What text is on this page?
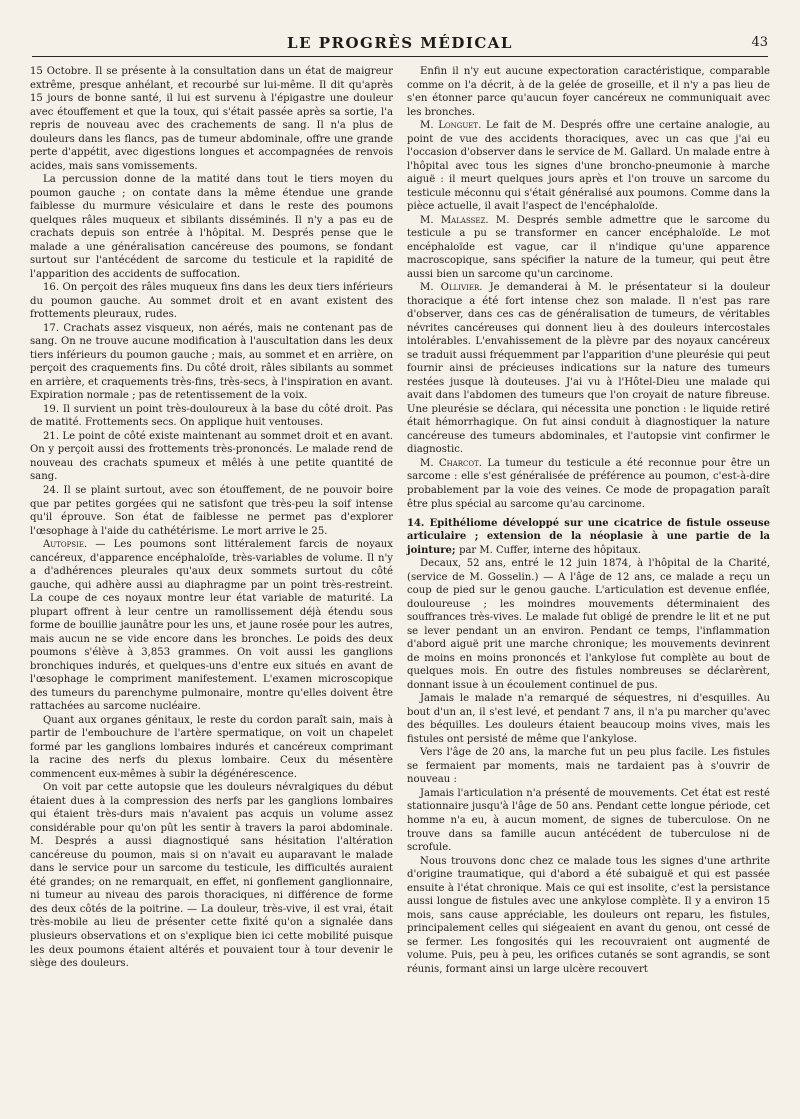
LE PROGRÈS MÉDICAL	43

15 Octobre. Il se présente à la consultation dans un état de maigreur extrême, presque anhélant, et recourbé sur lui-même. Il dit qu'après 15 jours de bonne santé, il lui est survenu à l'épigastre une douleur avec étouffement et que la toux, qui s'était passée après sa sortie, l'a repris de nouveau avec des crachements de sang. Il n'a plus de douleurs dans les flancs, pas de tumeur abdominale, offre une grande perte d'appétit, avec digestions longues et accompagnées de renvois acides, mais sans vomissements.

La percussion donne de la matité dans tout le tiers moyen du poumon gauche ; on contate dans la même étendue une grande faiblesse du murmure vésiculaire et dans le reste des poumons quelques râles muqueux et sibilants disséminés. Il n'y a pas eu de crachats depuis son entrée à l'hôpital. M. Després pense que le malade a une généralisation cancéreuse des poumons, se fondant surtout sur l'antécédent de sarcome du testicule et la rapidité de l'apparition des accidents de suffocation.

16. On perçoit des râles muqueux fins dans les deux tiers inférieurs du poumon gauche. Au sommet droit et en avant existent des frottements pleuraux, rudes.

17. Crachats assez visqueux, non aérés, mais ne contenant pas de sang. On ne trouve aucune modification à l'auscultation dans les deux tiers inférieurs du poumon gauche ; mais, au sommet et en arrière, on perçoit des craquements fins. Du côté droit, râles sibilants au sommet en arrière, et craquements très-fins, très-secs, à l'inspiration en avant. Expiration normale ; pas de retentissement de la voix.

19. Il survient un point très-douloureux à la base du côté droit. Pas de matité. Frottements secs. On applique huit ventouses.

21. Le point de côté existe maintenant au sommet droit et en avant. On y perçoit aussi des frottements très-prononcés. Le malade rend de nouveau des crachats spumeux et mêlés à une petite quantité de sang.

24. Il se plaint surtout, avec son étouffement, de ne pouvoir boire que par petites gorgées qui ne satisfont que très-peu la soif intense qu'il éprouve. Son état de faiblesse ne permet pas d'explorer l'œsophage à l'aide du cathétérisme. Le mort arrive le 25.

Autopsie. — Les poumons sont littéralement farcis de noyaux cancéreux, d'apparence encéphaloïde, très-variables de volume. Il n'y a d'adhérences pleurales qu'aux deux sommets surtout du côté gauche, qui adhère aussi au diaphragme par un point très-restreint. La coupe de ces noyaux montre leur état variable de maturité. La plupart offrent à leur centre un ramollissement déjà étendu sous forme de bouillie jaunâtre pour les uns, et jaune rosée pour les autres, mais aucun ne se vide encore dans les bronches. Le poids des deux poumons s'élève à 3,853 grammes. On voit aussi les ganglions bronchiques indurés, et quelques-uns d'entre eux situés en avant de l'œsophage le compriment manifestement. L'examen microscopique des tumeurs du parenchyme pulmonaire, montre qu'elles doivent être rattachées au sarcome nucléaire.

Quant aux organes génitaux, le reste du cordon paraît sain, mais à partir de l'embouchure de l'artère spermatique, on voit un chapelet formé par les ganglions lombaires indurés et cancéreux comprimant la racine des nerfs du plexus lombaire. Ceux du mésentère commencent eux-mêmes à subir la dégénérescence.

On voit par cette autopsie que les douleurs névralgiques du début étaient dues à la compression des nerfs par les ganglions lombaires qui étaient très-durs mais n'avaient pas acquis un volume assez considérable pour qu'on pût les sentir à travers la paroi abdominale. M. Després a aussi diagnostiqué sans hésitation l'altération cancéreuse du poumon, mais si on n'avait eu auparavant le malade dans le service pour un sarcome du testicule, les difficultés auraient été grandes; on ne remarquait, en effet, ni gonflement ganglionnaire, ni tumeur au niveau des parois thoraciques, ni différence de forme des deux côtés de la poitrine. — La douleur, très-vive, il est vrai, était très-mobile au lieu de présenter cette fixité qu'on a signalée dans plusieurs observations et on s'explique bien ici cette mobilité puisque les deux poumons étaient altérés et pouvaient tour à tour devenir le siège des douleurs.

Enfin il n'y eut aucune expectoration caractéristique, comparable comme on l'a décrit, à de la gelée de groseille, et il n'y a pas lieu de s'en étonner parce qu'aucun foyer cancéreux ne communiquait avec les bronches.

M. Longuet. Le fait de M. Després offre une certaine analogie, au point de vue des accidents thoraciques, avec un cas que j'ai eu l'occasion d'observer dans le service de M. Gallard. Un malade entre à l'hôpital avec tous les signes d'une broncho-pneumonie à marche aiguë : il meurt quelques jours après et l'on trouve un sarcome du testicule méconnu qui s'était généralisé aux poumons. Comme dans la pièce actuelle, il avait l'aspect de l'encéphaloïde.

M. Malassez. M. Després semble admettre que le sarcome du testicule a pu se transformer en cancer encéphaloïde. Le mot encéphaloïde est vague, car il n'indique qu'une apparence macroscopique, sans spécifier la nature de la tumeur, qui peut être aussi bien un sarcome qu'un carcinome.

M. Ollivier. Je demanderai à M. le présentateur si la douleur thoracique a été fort intense chez son malade. Il n'est pas rare d'observer, dans ces cas de généralisation de tumeurs, de véritables névrites cancéreuses qui donnent lieu à des douleurs intercostales intolérables. L'envahissement de la plèvre par des noyaux cancéreux se traduit aussi fréquemment par l'apparition d'une pleurésie qui peut fournir ainsi de précieuses indications sur la nature des tumeurs restées jusque là douteuses. J'ai vu à l'Hôtel-Dieu une malade qui avait dans l'abdomen des tumeurs que l'on croyait de nature fibreuse. Une pleurésie se déclara, qui nécessita une ponction : le liquide retiré était hémorrhagique. On fut ainsi conduit à diagnostiquer la nature cancéreuse des tumeurs abdominales, et l'autopsie vint confirmer le diagnostic.

M. Charcot. La tumeur du testicule a été reconnue pour être un sarcome : elle s'est généralisée de préférence au poumon, c'est-à-dire probablement par la voie des veines. Ce mode de propagation paraît être plus spécial au sarcome qu'au carcinome.

14. Epithéliome développé sur une cicatrice de fistule osseuse articulaire ; extension de la néoplasie à une partie de la jointure; par M. Cuffer, interne des hôpitaux.

Decaux, 52 ans, entré le 12 juin 1874, à l'hôpital de la Charité, (service de M. Gosselin.) — A l'âge de 12 ans, ce malade a reçu un coup de pied sur le genou gauche. L'articulation est devenue enflée, douloureuse ; les moindres mouvements déterminaient des souffrances très-vives. Le malade fut obligé de prendre le lit et ne put se lever pendant un an environ. Pendant ce temps, l'inflammation d'abord aiguë prit une marche chronique; les mouvements devinrent de moins en moins prononcés et l'ankylose fut complète au bout de quelques mois. En outre des fistules nombreuses se déclarèrent, donnant issue à un écoulement continuel de pus.

Jamais le malade n'a remarqué de séquestres, ni d'esquilles. Au bout d'un an, il s'est levé, et pendant 7 ans, il n'a pu marcher qu'avec des béquilles. Les douleurs étaient beaucoup moins vives, mais les fistules ont persisté de même que l'ankylose.

Vers l'âge de 20 ans, la marche fut un peu plus facile. Les fistules se fermaient par moments, mais ne tardaient pas à s'ouvrir de nouveau :

Jamais l'articulation n'a présenté de mouvements. Cet état est resté stationnaire jusqu'à l'âge de 50 ans. Pendant cette longue période, cet homme n'a eu, à aucun moment, de signes de tuberculose. On ne trouve dans sa famille aucun antécédent de tuberculose ni de scrofule.

Nous trouvons donc chez ce malade tous les signes d'une arthrite d'origine traumatique, qui d'abord a été subaiguë et qui est passée ensuite à l'état chronique. Mais ce qui est insolite, c'est la persistance aussi longue de fistules avec une ankylose complète. Il y a environ 15 mois, sans cause appréciable, les douleurs ont reparu, les fistules, principalement celles qui siégeaient en avant du genou, ont cessé de se fermer. Les fongosités qui les recouvraient ont augmenté de volume. Puis, peu à peu, les orifices cutanés se sont agrandis, se sont réunis, formant ainsi un large ulcère recouvert
